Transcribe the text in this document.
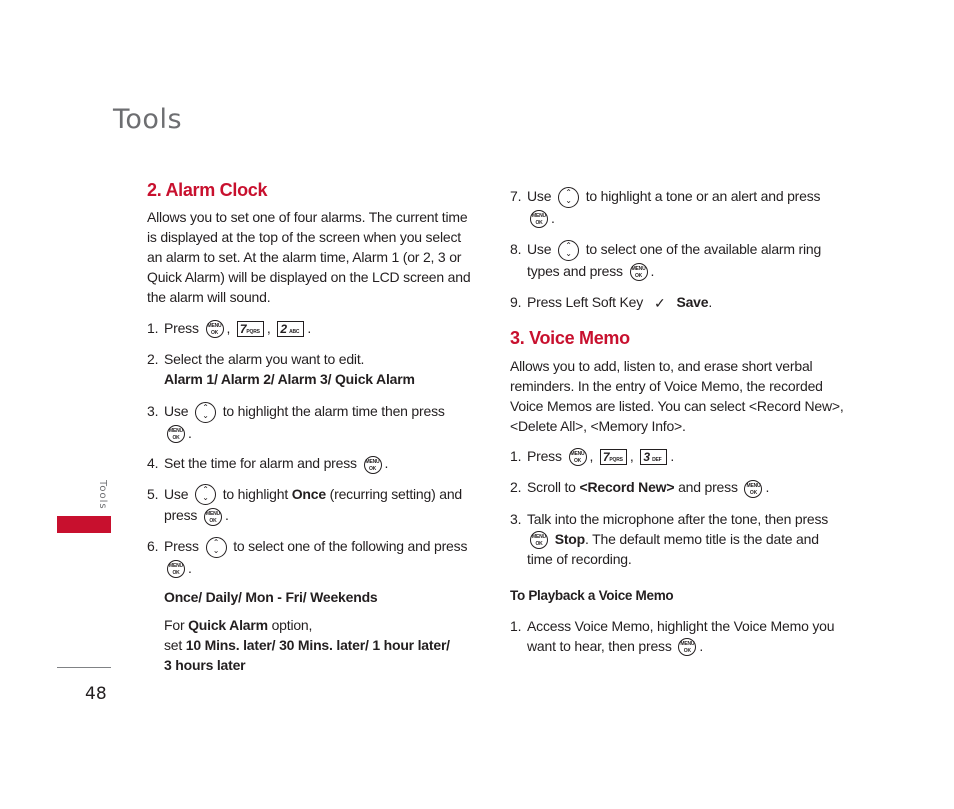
Tools
Tools
48
2. Alarm Clock

Allows you to set one of four alarms. The current time is displayed at the top of the screen when you select an alarm to set. At the alarm time, Alarm 1 (or 2, 3 or Quick Alarm) will be displayed on the LCD screen and the alarm will sound.

1. Press MENU
OK , 7PQRS , 2 ABC .
2. Select the alarm you want to edit.
Alarm 1/ Alarm 2/ Alarm 3/ Quick Alarm
3. Use ⌃
⌄ to highlight the alarm time then press
MENU
OK .
4. Set the time for alarm and press MENU
OK .
5. Use ⌃
⌄ to highlight Once (recurring setting) and press MENU
OK .
6. Press ⌃
⌄ to select one of the following and press MENU
OK .

Once/ Daily/ Mon - Fri/ Weekends

For Quick Alarm option,
set 10 Mins. later/ 30 Mins. later/ 1 hour later/
3 hours later

7. Use ⌃
⌄ to highlight a tone or an alert and press
MENU
OK .
8. Use ⌃
⌄ to select one of the available alarm ring types and press MENU
OK .
9. Press Left Soft Key ✓ Save.
3. Voice Memo

Allows you to add, listen to, and erase short verbal reminders. In the entry of Voice Memo, the recorded Voice Memos are listed. You can select <Record New>, <Delete All>, <Memory Info>.

1. Press MENU
OK , 7PQRS , 3 DEF .
2. Scroll to <Record New> and press MENU
OK .
3. Talk into the microphone after the tone, then press
MENU
OK Stop. The default memo title is the date and time of recording.
To Playback a Voice Memo
1. Access Voice Memo, highlight the Voice Memo you want to hear, then press MENU
OK .
